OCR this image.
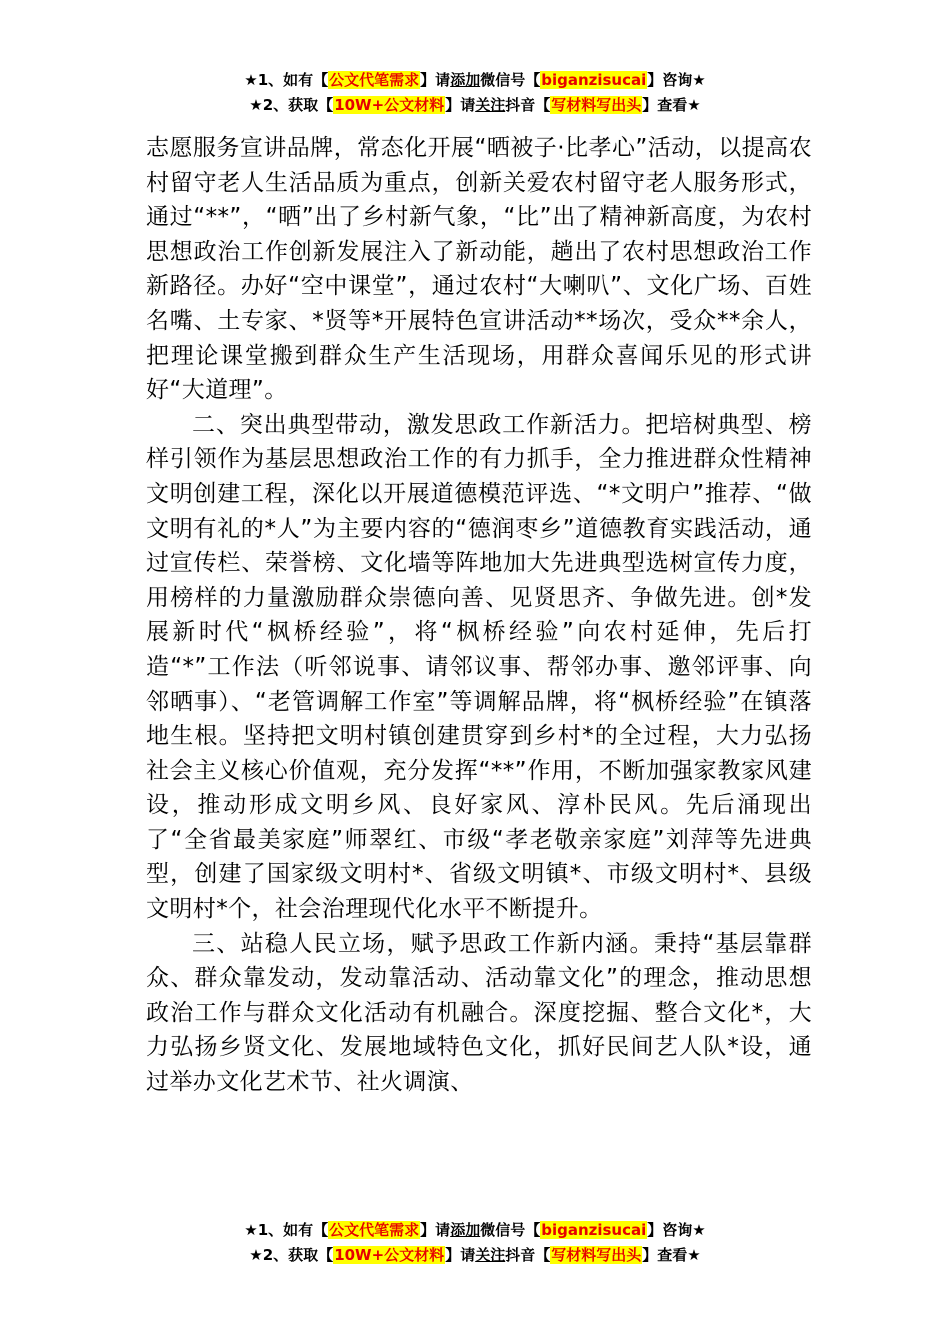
★1、如有【公文代笔需求】请添加微信号【biganzisucai】咨询★
★2、获取【10W+公文材料】请关注抖音【写材料写出头】查看★

志愿服务宣讲品牌，常态化开展“晒被子·比孝心”活动，以提高农村留守老人生活品质为重点，创新关爱农村留守老人服务形式，通过“**”，“晒”出了乡村新气象，“比”出了精神新高度，为农村思想政治工作创新发展注入了新动能，趟出了农村思想政治工作新路径。办好“空中课堂”，通过农村“大喇叭”、文化广场、百姓名嘴、土专家、*贤等*开展特色宣讲活动**场次，受众**余人，把理论课堂搬到群众生产生活现场，用群众喜闻乐见的形式讲好“大道理”。

二、突出典型带动，激发思政工作新活力。把培树典型、榜样引领作为基层思想政治工作的有力抓手，全力推进群众性精神文明创建工程，深化以开展道德模范评选、“*文明户”推荐、“做文明有礼的*人”为主要内容的“德润枣乡”道德教育实践活动，通过宣传栏、荣誉榜、文化墙等阵地加大先进典型选树宣传力度，用榜样的力量激励群众崇德向善、见贤思齐、争做先进。创*发展新时代“枫桥经验”，将“枫桥经验”向农村延伸，先后打造“*”工作法（听邻说事、请邻议事、帮邻办事、邀邻评事、向邻晒事）、“老管调解工作室”等调解品牌，将“枫桥经验”在镇落地生根。坚持把文明村镇创建贯穿到乡村*的全过程，大力弘扬社会主义核心价值观，充分发挥“**”作用，不断加强家教家风建设，推动形成文明乡风、良好家风、淳朴民风。先后涌现出了“全省最美家庭”师翠红、市级“孝老敬亲家庭”刘萍等先进典型，创建了国家级文明村*、省级文明镇*、市级文明村*、县级文明村*个，社会治理现代化水平不断提升。

三、站稳人民立场，赋予思政工作新内涵。秉持“基层靠群众、群众靠发动，发动靠活动、活动靠文化”的理念，推动思想政治工作与群众文化活动有机融合。深度挖掘、整合文化*，大力弘扬乡贤文化、发展地域特色文化，抓好民间艺人队*设，通过举办文化艺术节、社火调演、

★1、如有【公文代笔需求】请添加微信号【biganzisucai】咨询★
★2、获取【10W+公文材料】请关注抖音【写材料写出头】查看★
